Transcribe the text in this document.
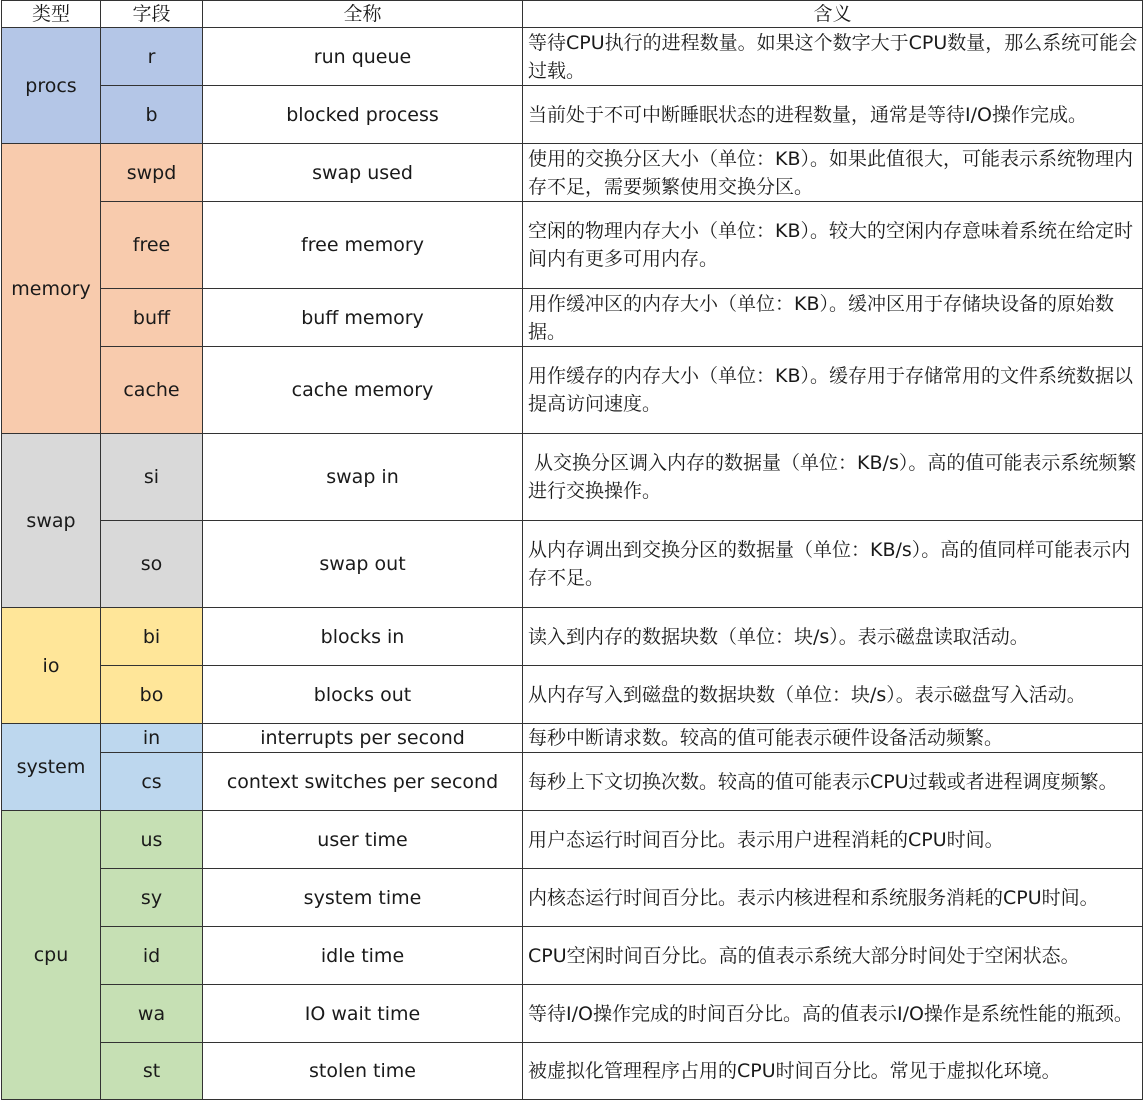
类型	字段	全称	含义
procs	r	run queue	等待CPU执行的进程数量。如果这个数字大于CPU数量，那么系统可能会过载。
	b	blocked process	当前处于不可中断睡眠状态的进程数量，通常是等待I/O操作完成。
memory	swpd	swap used	使用的交换分区大小（单位：KB）。如果此值很大，可能表示系统物理内存不足，需要频繁使用交换分区。
	free	free memory	空闲的物理内存大小（单位：KB）。较大的空闲内存意味着系统在给定时间内有更多可用内存。
	buff	buff memory	用作缓冲区的内存大小（单位：KB）。缓冲区用于存储块设备的原始数据。
	cache	cache memory	用作缓存的内存大小（单位：KB）。缓存用于存储常用的文件系统数据以提高访问速度。
swap	si	swap in	从交换分区调入内存的数据量（单位：KB/s）。高的值可能表示系统频繁进行交换操作。
	so	swap out	从内存调出到交换分区的数据量（单位：KB/s）。高的值同样可能表示内存不足。
io	bi	blocks in	读入到内存的数据块数（单位：块/s）。表示磁盘读取活动。
	bo	blocks out	从内存写入到磁盘的数据块数（单位：块/s）。表示磁盘写入活动。
system	in	interrupts per second	每秒中断请求数。较高的值可能表示硬件设备活动频繁。
	cs	context switches per second	每秒上下文切换次数。较高的值可能表示CPU过载或者进程调度频繁。
cpu	us	user time	用户态运行时间百分比。表示用户进程消耗的CPU时间。
	sy	system time	内核态运行时间百分比。表示内核进程和系统服务消耗的CPU时间。
	id	idle time	CPU空闲时间百分比。高的值表示系统大部分时间处于空闲状态。
	wa	IO wait time	等待I/O操作完成的时间百分比。高的值表示I/O操作是系统性能的瓶颈。
	st	stolen time	被虚拟化管理程序占用的CPU时间百分比。常见于虚拟化环境。
